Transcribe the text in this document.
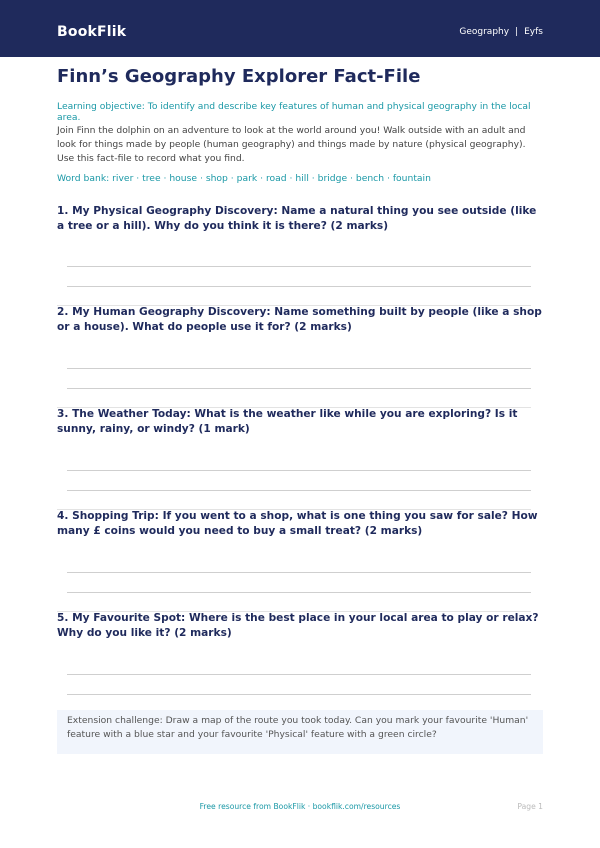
BookFlik	Geography | Eyfs
Finn’s Geography Explorer Fact-File
Learning objective: To identify and describe key features of human and physical geography in the local area.
Join Finn the dolphin on an adventure to look at the world around you! Walk outside with an adult and look for things made by people (human geography) and things made by nature (physical geography). Use this fact-file to record what you find.
Word bank: river · tree · house · shop · park · road · hill · bridge · bench · fountain
1. My Physical Geography Discovery: Name a natural thing you see outside (like a tree or a hill). Why do you think it is there? (2 marks)
2. My Human Geography Discovery: Name something built by people (like a shop or a house). What do people use it for? (2 marks)
3. The Weather Today: What is the weather like while you are exploring? Is it sunny, rainy, or windy? (1 mark)
4. Shopping Trip: If you went to a shop, what is one thing you saw for sale? How many £ coins would you need to buy a small treat? (2 marks)
5. My Favourite Spot: Where is the best place in your local area to play or relax? Why do you like it? (2 marks)
Extension challenge: Draw a map of the route you took today. Can you mark your favourite 'Human' feature with a blue star and your favourite 'Physical' feature with a green circle?
Free resource from BookFlik · bookflik.com/resources	Page 1
